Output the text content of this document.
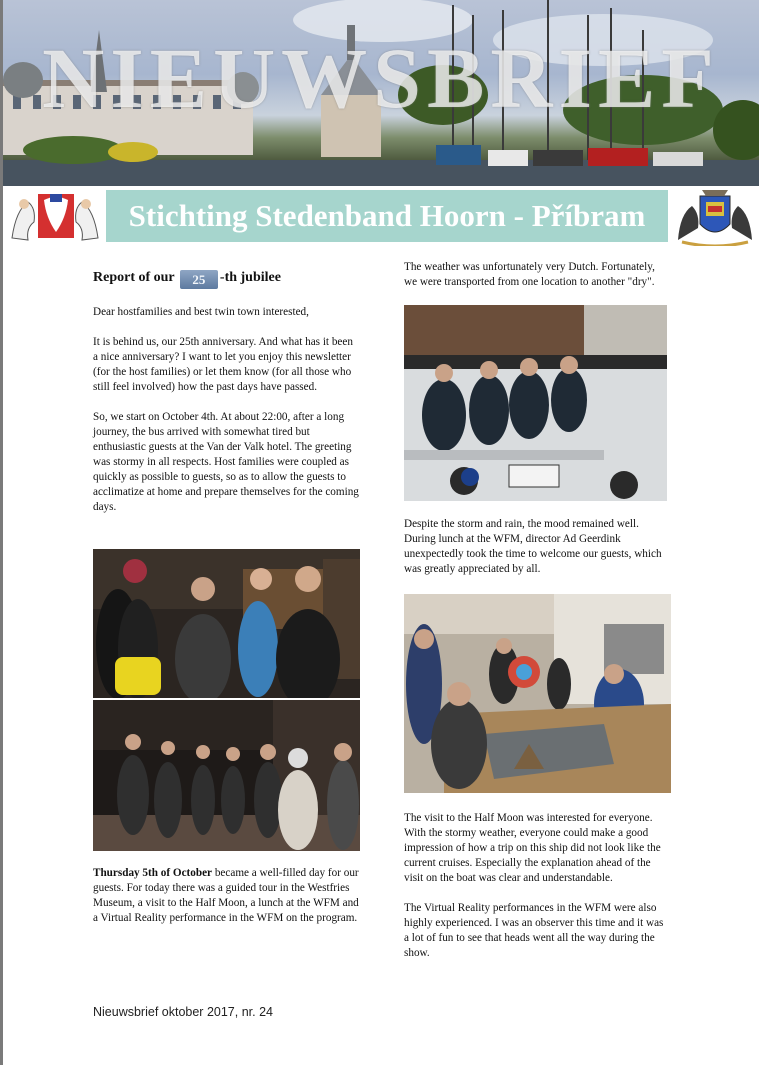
NIEUWSBRIEF
Stichting Stedenband Hoorn - Příbram
Report of our 25 -th jubilee

Dear hostfamilies and best twin town interested,

It is behind us, our 25th anniversary. And what has it been a nice anniversary? I want to let you enjoy this newsletter (for the host families) or let them know (for all those who still feel involved) how the past days have passed.

So, we start on October 4th. At about 22:00, after a long journey, the bus arrived with somewhat tired but enthusiastic guests at the Van der Valk hotel. The greeting was stormy in all respects. Host families were coupled as quickly as possible to guests, so as to allow the guests to acclimatize at home and prepare themselves for the coming days.

Thursday 5th of October became a well-filled day for our guests. For today there was a guided tour in the Westfries Museum, a visit to the Half Moon, a lunch at the WFM and a Virtual Reality performance in the WFM on the program.

The weather was unfortunately very Dutch. Fortunately, we were transported from one location to another "dry".

Despite the storm and rain, the mood remained well. During lunch at the WFM, director Ad Geerdink unexpectedly took the time to welcome our guests, which was greatly appreciated by all.

The visit to the Half Moon was interested for everyone. With the stormy weather, everyone could make a good impression of how a trip on this ship did not look like the current cruises. Especially the explanation ahead of the visit on the boat was clear and understandable.

The Virtual Reality performances in the WFM were also highly experienced. I was an observer this time and it was a lot of fun to see that heads went all the way during the show.

Nieuwsbrief oktober 2017, nr. 24
